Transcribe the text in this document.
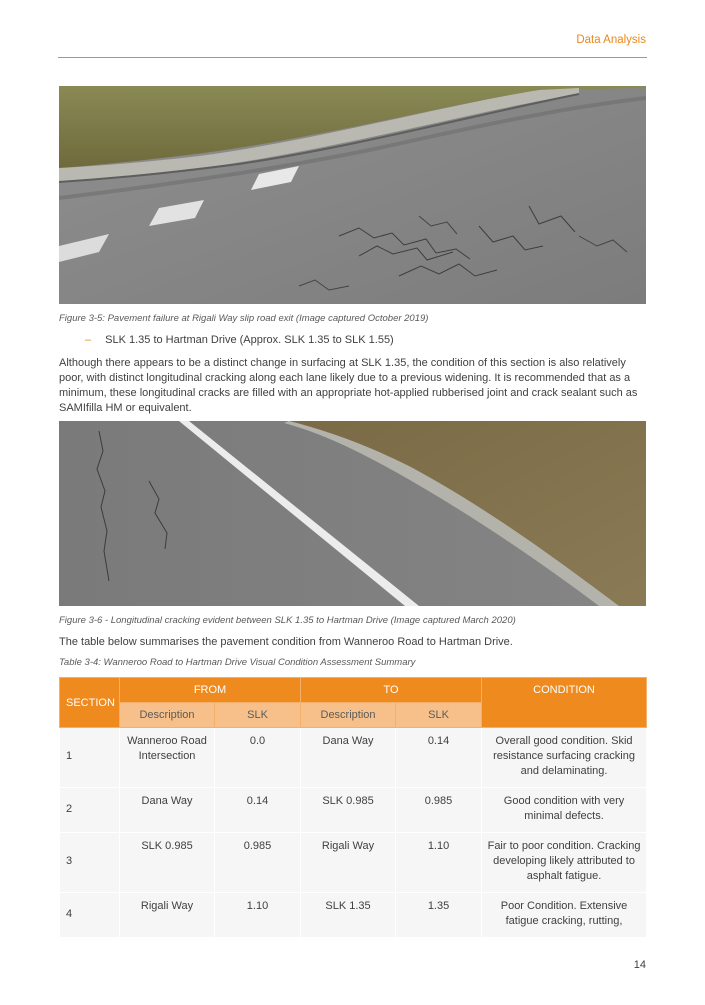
Data Analysis
Figure 3-5: Pavement failure at Rigali Way slip road exit (Image captured October 2019)
– SLK 1.35 to Hartman Drive (Approx. SLK 1.35 to SLK 1.55)
Although there appears to be a distinct change in surfacing at SLK 1.35, the condition of this section is also relatively poor, with distinct longitudinal cracking along each lane likely due to a previous widening. It is recommended that as a minimum, these longitudinal cracks are filled with an appropriate hot-applied rubberised joint and crack sealant such as SAMIfilla HM or equivalent.
Figure 3-6 - Longitudinal cracking evident between SLK 1.35 to Hartman Drive (Image captured March 2020)
The table below summarises the pavement condition from Wanneroo Road to Hartman Drive.
Table 3-4: Wanneroo Road to Hartman Drive Visual Condition Assessment Summary
SECTION	FROM		TO		CONDITION
	Description	SLK	Description	SLK	
1	Wanneroo Road Intersection	0.0	Dana Way	0.14	Overall good condition. Skid resistance surfacing cracking and delaminating.
2	Dana Way	0.14	SLK 0.985	0.985	Good condition with very minimal defects.
3	SLK 0.985	0.985	Rigali Way	1.10	Fair to poor condition. Cracking developing likely attributed to asphalt fatigue.
4	Rigali Way	1.10	SLK 1.35	1.35	Poor Condition. Extensive fatigue cracking, rutting,
14
